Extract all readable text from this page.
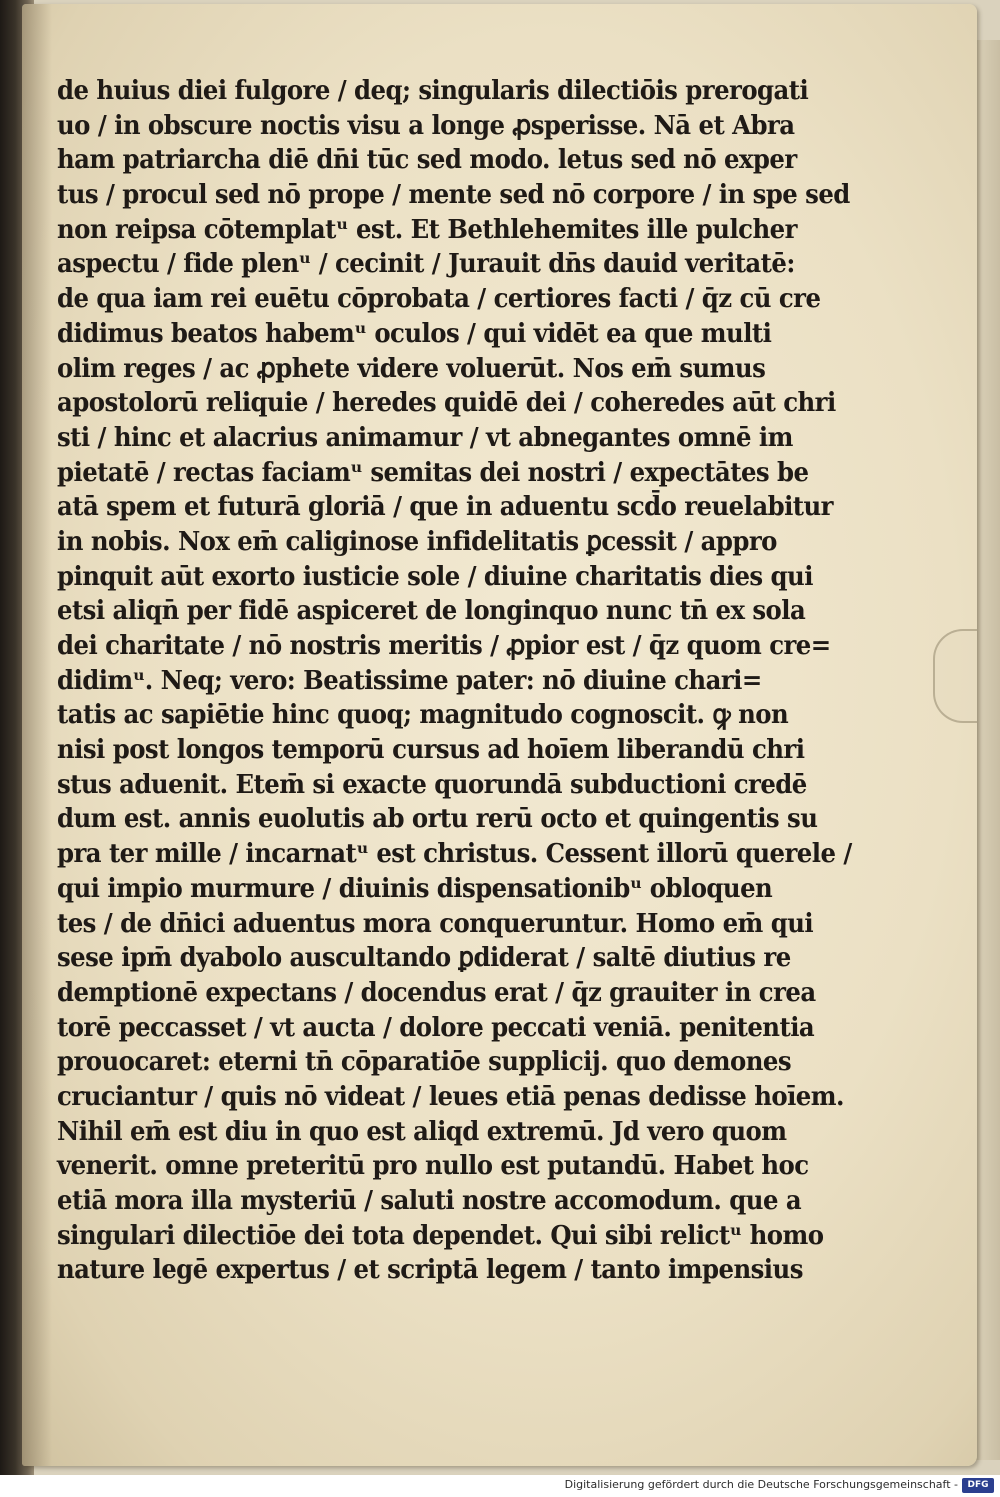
de huius diei fulgore / deq; singularis dilectiōis prerogati
uo / in obscure noctis visu a longe ꝓsperisse. Nā et Abra
ham patriarcha diē dn̄i tūc sed modo. letus sed nō exper
tus / procul sed nō prope / mente sed nō corpore / in spe sed
non reipsa cōtemplatᵘ est. Et Bethlehemites ille pulcher
aspectu / fide plenᵘ / cecinit / Jurauit dn̄s dauid veritatē:
de qua iam rei euētu cōprobata / certiores facti / q̄z cū cre
didimus beatos habemᵘ oculos / qui vidēt ea que multi
olim reges / ac ꝓphete videre voluerūt. Nos em̄ sumus
apostolorū reliquie / heredes quidē dei / coheredes aūt chri
sti / hinc et alacrius animamur / vt abnegantes omnē im
pietatē / rectas faciamᵘ semitas dei nostri / expectātes be
atā spem et futurā gloriā / que in aduentu scd̄o reuelabitur
in nobis. Nox em̄ caliginose infidelitatis ꝑcessit / appro
pinquit aūt exorto iusticie sole / diuine charitatis dies qui
etsi aliqn̄ per fidē aspiceret de longinquo nunc tn̄ ex sola
dei charitate / nō nostris meritis / ꝓpior est / q̄z quom cre=
didimᵘ. Neq; vero: Beatissime pater: nō diuine chari=
tatis ac sapiētie hinc quoq; magnitudo cognoscit. ꝙ non
nisi post longos temporū cursus ad hoīem liberandū chri
stus aduenit. Etem̄ si exacte quorundā subductioni credē
dum est. annis euolutis ab ortu rerū octo et quingentis su
pra ter mille / incarnatᵘ est christus. Cessent illorū querele /
qui impio murmure / diuinis dispensationibᵘ obloquen
tes / de dn̄ici aduentus mora conqueruntur. Homo em̄ qui
sese ipm̄ dyabolo auscultando ꝑdiderat / saltē diutius re
demptionē expectans / docendus erat / q̄z grauiter in crea
torē peccasset / vt aucta / dolore peccati veniā. penitentia
prouocaret: eterni tn̄ cōparatiōe supplicij. quo demones
cruciantur / quis nō videat / leues etiā penas dedisse hoīem.
Nihil em̄ est diu in quo est aliqd extremū. Jd vero quom
venerit. omne preteritū pro nullo est putandū. Habet hoc
etiā mora illa mysteriū / saluti nostre accomodum. que a
singulari dilectiōe dei tota dependet. Qui sibi relictᵘ homo
nature legē expertus / et scriptā legem / tanto impensius
Digitalisierung gefördert durch die Deutsche Forschungsgemeinschaft -	DFG
